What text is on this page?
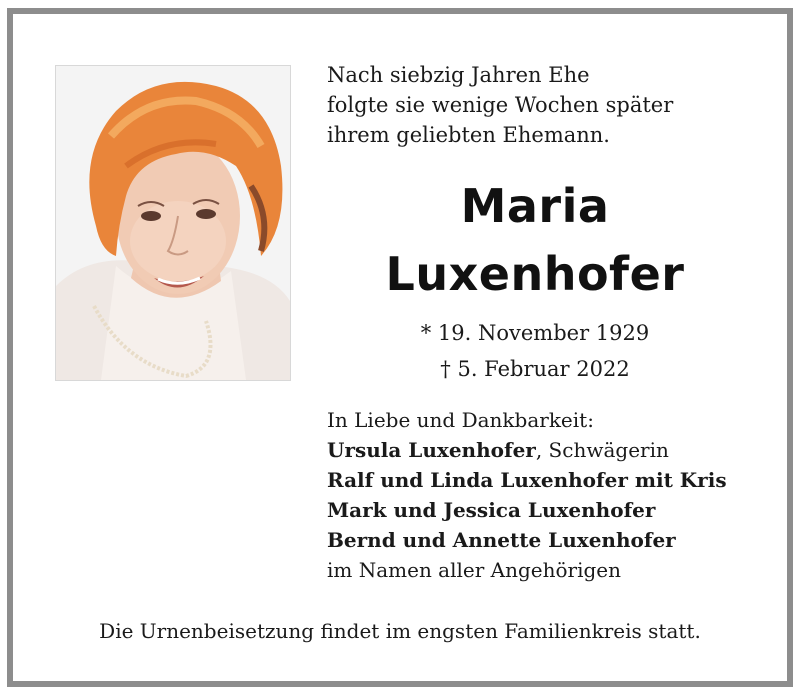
Nach siebzig Jahren Ehe
folgte sie wenige Wochen später
ihrem geliebten Ehemann.
Maria
Luxenhofer
* 19. November 1929
† 5. Februar 2022
In Liebe und Dankbarkeit:
Ursula Luxenhofer, Schwägerin
Ralf und Linda Luxenhofer mit Kris
Mark und Jessica Luxenhofer
Bernd und Annette Luxenhofer
im Namen aller Angehörigen
Die Urnenbeisetzung findet im engsten Familienkreis statt.
